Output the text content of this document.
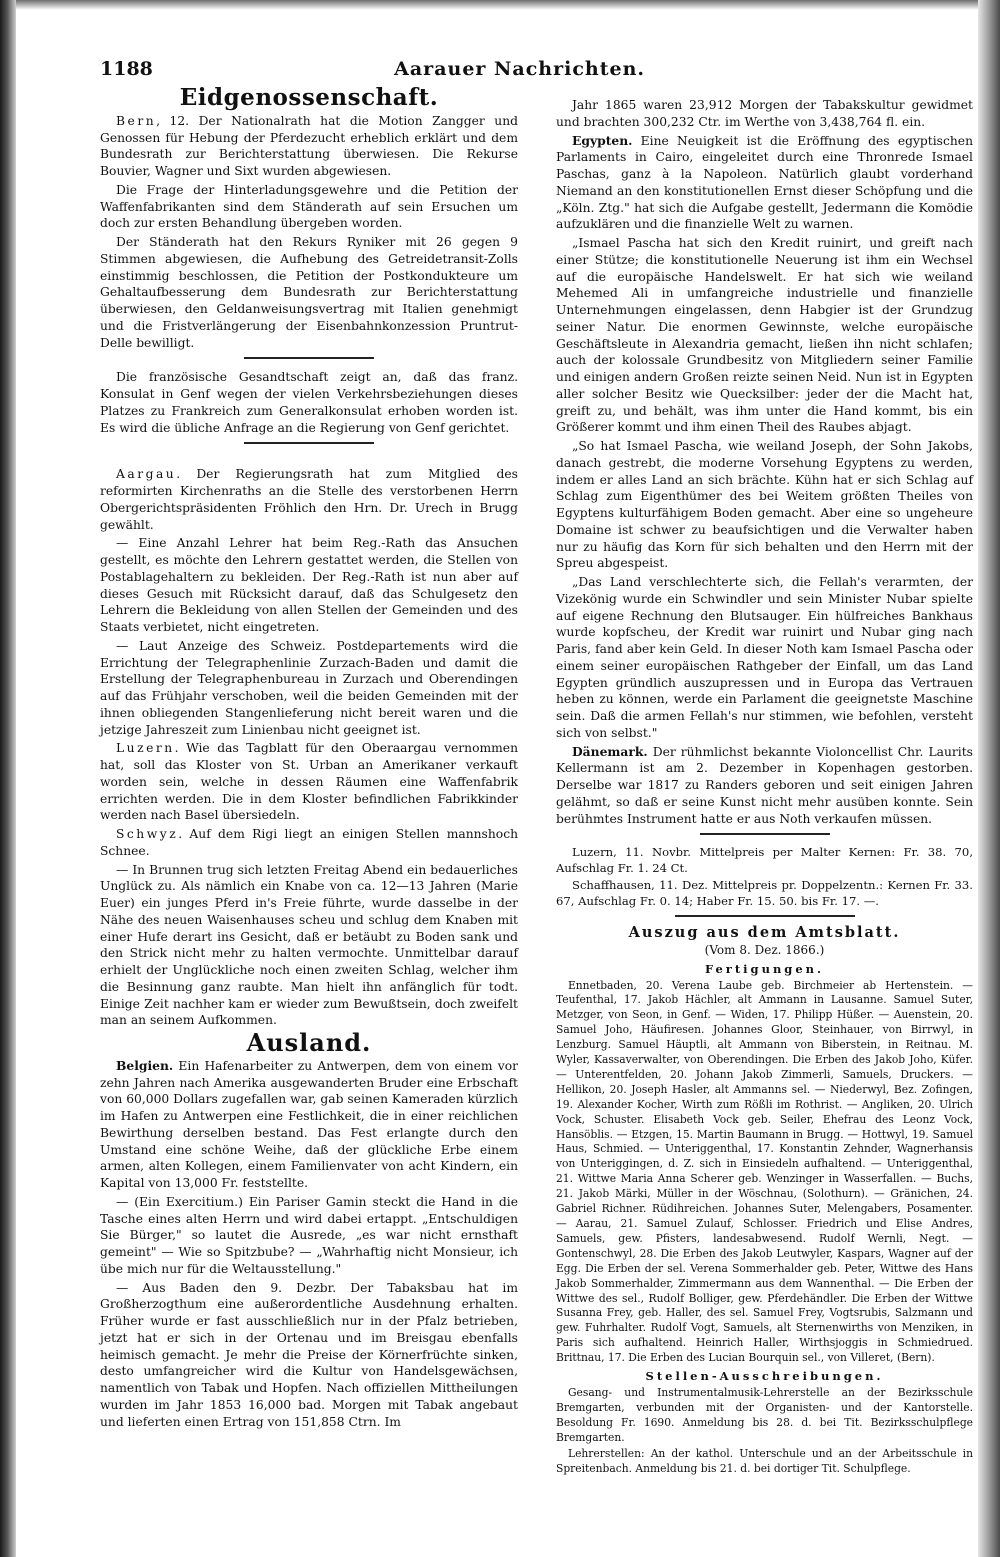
1188	Aarauer Nachrichten.
Eidgenossenschaft.

Bern, 12. Der Nationalrath hat die Motion Zangger und Genossen für Hebung der Pferdezucht erheblich erklärt und dem Bundesrath zur Berichterstattung überwiesen. Die Rekurse Bouvier, Wagner und Sixt wurden abgewiesen.

Die Frage der Hinterladungsgewehre und die Petition der Waffenfabrikanten sind dem Ständerath auf sein Ersuchen um doch zur ersten Behandlung übergeben worden.

Der Ständerath hat den Rekurs Ryniker mit 26 gegen 9 Stimmen abgewiesen, die Aufhebung des Getreidetransit-Zolls einstimmig beschlossen, die Petition der Postkondukteure um Gehaltaufbesserung dem Bundesrath zur Berichterstattung überwiesen, den Geldanweisungsvertrag mit Italien genehmigt und die Fristverlängerung der Eisenbahnkonzession Pruntrut-Delle bewilligt.

Die französische Gesandtschaft zeigt an, daß das franz. Konsulat in Genf wegen der vielen Verkehrsbeziehungen dieses Platzes zu Frankreich zum Generalkonsulat erhoben worden ist. Es wird die übliche Anfrage an die Regierung von Genf gerichtet.

Aargau. Der Regierungsrath hat zum Mitglied des reformirten Kirchenraths an die Stelle des verstorbenen Herrn Obergerichtspräsidenten Fröhlich den Hrn. Dr. Urech in Brugg gewählt.

— Eine Anzahl Lehrer hat beim Reg.-Rath das Ansuchen gestellt, es möchte den Lehrern gestattet werden, die Stellen von Postablagehaltern zu bekleiden. Der Reg.-Rath ist nun aber auf dieses Gesuch mit Rücksicht darauf, daß das Schulgesetz den Lehrern die Bekleidung von allen Stellen der Gemeinden und des Staats verbietet, nicht eingetreten.

— Laut Anzeige des Schweiz. Postdepartements wird die Errichtung der Telegraphenlinie Zurzach-Baden und damit die Erstellung der Telegraphenbureau in Zurzach und Oberendingen auf das Frühjahr verschoben, weil die beiden Gemeinden mit der ihnen obliegenden Stangenlieferung nicht bereit waren und die jetzige Jahreszeit zum Linienbau nicht geeignet ist.

Luzern. Wie das Tagblatt für den Oberaargau vernommen hat, soll das Kloster von St. Urban an Amerikaner verkauft worden sein, welche in dessen Räumen eine Waffenfabrik errichten werden. Die in dem Kloster befindlichen Fabrikkinder werden nach Basel übersiedeln.

Schwyz. Auf dem Rigi liegt an einigen Stellen mannshoch Schnee.

— In Brunnen trug sich letzten Freitag Abend ein bedauerliches Unglück zu. Als nämlich ein Knabe von ca. 12—13 Jahren (Marie Euer) ein junges Pferd in's Freie führte, wurde dasselbe in der Nähe des neuen Waisenhauses scheu und schlug dem Knaben mit einer Hufe derart ins Gesicht, daß er betäubt zu Boden sank und den Strick nicht mehr zu halten vermochte. Unmittelbar darauf erhielt der Unglückliche noch einen zweiten Schlag, welcher ihm die Besinnung ganz raubte. Man hielt ihn anfänglich für todt. Einige Zeit nachher kam er wieder zum Bewußtsein, doch zweifelt man an seinem Aufkommen.

Ausland.

Belgien. Ein Hafenarbeiter zu Antwerpen, dem von einem vor zehn Jahren nach Amerika ausgewanderten Bruder eine Erbschaft von 60,000 Dollars zugefallen war, gab seinen Kameraden kürzlich im Hafen zu Antwerpen eine Festlichkeit, die in einer reichlichen Bewirthung derselben bestand. Das Fest erlangte durch den Umstand eine schöne Weihe, daß der glückliche Erbe einem armen, alten Kollegen, einem Familienvater von acht Kindern, ein Kapital von 13,000 Fr. feststellte.

— (Ein Exercitium.) Ein Pariser Gamin steckt die Hand in die Tasche eines alten Herrn und wird dabei ertappt. „Entschuldigen Sie Bürger," so lautet die Ausrede, „es war nicht ernsthaft gemeint" — Wie so Spitzbube? — „Wahrhaftig nicht Monsieur, ich übe mich nur für die Weltausstellung."

— Aus Baden den 9. Dezbr. Der Tabaksbau hat im Großherzogthum eine außerordentliche Ausdehnung erhalten. Früher wurde er fast ausschließlich nur in der Pfalz betrieben, jetzt hat er sich in der Ortenau und im Breisgau ebenfalls heimisch gemacht. Je mehr die Preise der Körnerfrüchte sinken, desto umfangreicher wird die Kultur von Handelsgewächsen, namentlich von Tabak und Hopfen. Nach offiziellen Mittheilungen wurden im Jahr 1853 16,000 bad. Morgen mit Tabak angebaut und lieferten einen Ertrag von 151,858 Ctrn. Im

Jahr 1865 waren 23,912 Morgen der Tabakskultur gewidmet und brachten 300,232 Ctr. im Werthe von 3,438,764 fl. ein.

Egypten. Eine Neuigkeit ist die Eröffnung des egyptischen Parlaments in Cairo, eingeleitet durch eine Thronrede Ismael Paschas, ganz à la Napoleon. Natürlich glaubt vorderhand Niemand an den konstitutionellen Ernst dieser Schöpfung und die „Köln. Ztg." hat sich die Aufgabe gestellt, Jedermann die Komödie aufzuklären und die finanzielle Welt zu warnen.

„Ismael Pascha hat sich den Kredit ruinirt, und greift nach einer Stütze; die konstitutionelle Neuerung ist ihm ein Wechsel auf die europäische Handelswelt. Er hat sich wie weiland Mehemed Ali in umfangreiche industrielle und finanzielle Unternehmungen eingelassen, denn Habgier ist der Grundzug seiner Natur. Die enormen Gewinnste, welche europäische Geschäftsleute in Alexandria gemacht, ließen ihn nicht schlafen; auch der kolossale Grundbesitz von Mitgliedern seiner Familie und einigen andern Großen reizte seinen Neid. Nun ist in Egypten aller solcher Besitz wie Quecksilber: jeder der die Macht hat, greift zu, und behält, was ihm unter die Hand kommt, bis ein Größerer kommt und ihm einen Theil des Raubes abjagt.

„So hat Ismael Pascha, wie weiland Joseph, der Sohn Jakobs, danach gestrebt, die moderne Vorsehung Egyptens zu werden, indem er alles Land an sich brächte. Kühn hat er sich Schlag auf Schlag zum Eigenthümer des bei Weitem größten Theiles von Egyptens kulturfähigem Boden gemacht. Aber eine so ungeheure Domaine ist schwer zu beaufsichtigen und die Verwalter haben nur zu häufig das Korn für sich behalten und den Herrn mit der Spreu abgespeist.

„Das Land verschlechterte sich, die Fellah's verarmten, der Vizekönig wurde ein Schwindler und sein Minister Nubar spielte auf eigene Rechnung den Blutsauger. Ein hülfreiches Bankhaus wurde kopfscheu, der Kredit war ruinirt und Nubar ging nach Paris, fand aber kein Geld. In dieser Noth kam Ismael Pascha oder einem seiner europäischen Rathgeber der Einfall, um das Land Egypten gründlich auszupressen und in Europa das Vertrauen heben zu können, werde ein Parlament die geeignetste Maschine sein. Daß die armen Fellah's nur stimmen, wie befohlen, versteht sich von selbst."

Dänemark. Der rühmlichst bekannte Violoncellist Chr. Laurits Kellermann ist am 2. Dezember in Kopenhagen gestorben. Derselbe war 1817 zu Randers geboren und seit einigen Jahren gelähmt, so daß er seine Kunst nicht mehr ausüben konnte. Sein berühmtes Instrument hatte er aus Noth verkaufen müssen.

Luzern, 11. Novbr. Mittelpreis per Malter Kernen: Fr. 38. 70, Aufschlag Fr. 1. 24 Ct.

Schaffhausen, 11. Dez. Mittelpreis pr. Doppelzentn.: Kernen Fr. 33. 67, Aufschlag Fr. 0. 14; Haber Fr. 15. 50. bis Fr. 17. —.

Auszug aus dem Amtsblatt.
(Vom 8. Dez. 1866.)
Fertigungen.

Ennetbaden, 20. Verena Laube geb. Birchmeier ab Hertenstein. — Teufenthal, 17. Jakob Hächler, alt Ammann in Lausanne. Samuel Suter, Metzger, von Seon, in Genf. — Widen, 17. Philipp Hüßer. — Auenstein, 20. Samuel Joho, Häufiresen. Johannes Gloor, Steinhauer, von Birrwyl, in Lenzburg. Samuel Häuptli, alt Ammann von Biberstein, in Reitnau. M. Wyler, Kassaverwalter, von Oberendingen. Die Erben des Jakob Joho, Küfer. — Unterentfelden, 20. Johann Jakob Zimmerli, Samuels, Druckers. — Hellikon, 20. Joseph Hasler, alt Ammanns sel. — Niederwyl, Bez. Zofingen, 19. Alexander Kocher, Wirth zum Rößli im Rothrist. — Angliken, 20. Ulrich Vock, Schuster. Elisabeth Vock geb. Seiler, Ehefrau des Leonz Vock, Hansöblis. — Etzgen, 15. Martin Baumann in Brugg. — Hottwyl, 19. Samuel Haus, Schmied. — Unteriggenthal, 17. Konstantin Zehnder, Wagnerhansis von Unteriggingen, d. Z. sich in Einsiedeln aufhaltend. — Unteriggenthal, 21. Wittwe Maria Anna Scherer geb. Wenzinger in Wasserfallen. — Buchs, 21. Jakob Märki, Müller in der Wöschnau, (Solothurn). — Gränichen, 24. Gabriel Richner. Rüdihreichen. Johannes Suter, Melengabers, Posamenter. — Aarau, 21. Samuel Zulauf, Schlosser. Friedrich und Elise Andres, Samuels, gew. Pfisters, landesabwesend. Rudolf Wernli, Negt. — Gontenschwyl, 28. Die Erben des Jakob Leutwyler, Kaspars, Wagner auf der Egg. Die Erben der sel. Verena Sommerhalder geb. Peter, Wittwe des Hans Jakob Sommerhalder, Zimmermann aus dem Wannenthal. — Die Erben der Wittwe des sel., Rudolf Bolliger, gew. Pferdehändler. Die Erben der Wittwe Susanna Frey, geb. Haller, des sel. Samuel Frey, Vogtsrubis, Salzmann und gew. Fuhrhalter. Rudolf Vogt, Samuels, alt Sternenwirths von Menziken, in Paris sich aufhaltend. Heinrich Haller, Wirthsjoggis in Schmiedrued. Brittnau, 17. Die Erben des Lucian Bourquin sel., von Villeret, (Bern).

Stellen-Ausschreibungen.

Gesang- und Instrumentalmusik-Lehrerstelle an der Bezirksschule Bremgarten, verbunden mit der Organisten- und der Kantorstelle. Besoldung Fr. 1690. Anmeldung bis 28. d. bei Tit. Bezirksschulpflege Bremgarten.

Lehrerstellen: An der kathol. Unterschule und an der Arbeitsschule in Spreitenbach. Anmeldung bis 21. d. bei dortiger Tit. Schulpflege.
